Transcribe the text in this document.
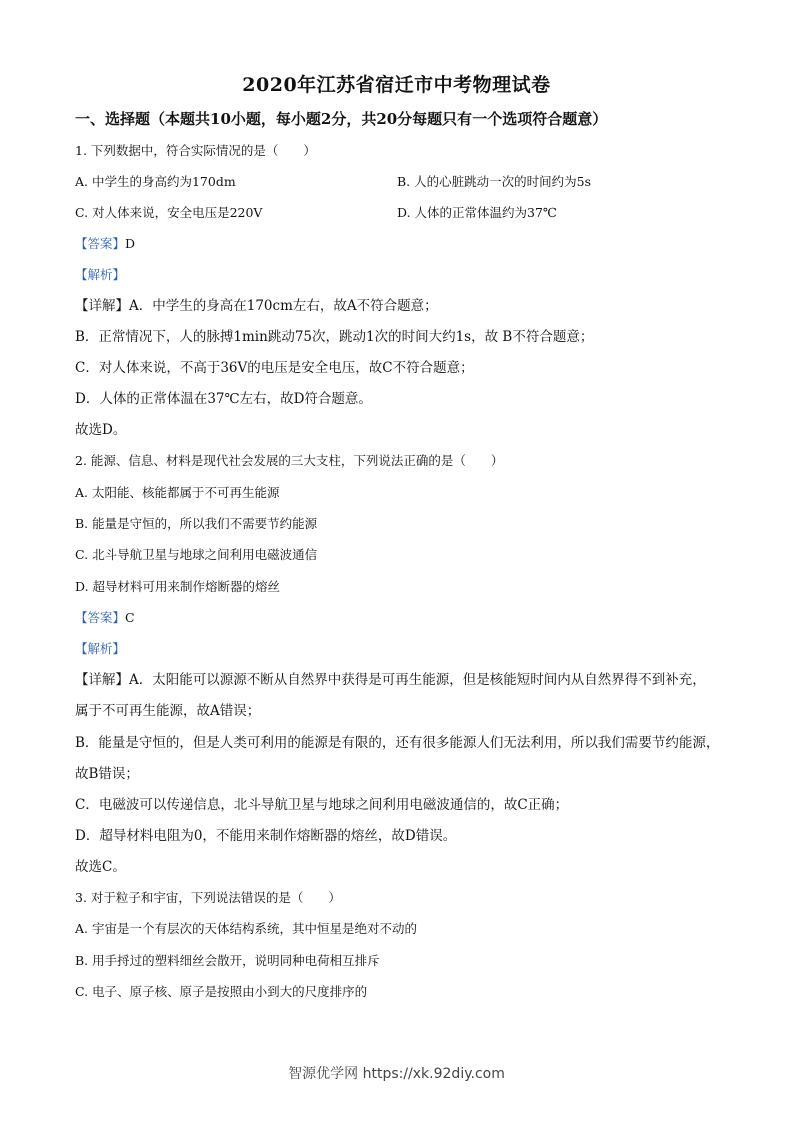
2020年江苏省宿迁市中考物理试卷
一、选择题（本题共10小题，每小题2分，共20分每题只有一个选项符合题意）
1. 下列数据中，符合实际情况的是（　　）
A. 中学生的身高约为170dm	B. 人的心脏跳动一次的时间约为5s
C. 对人体来说，安全电压是220V	D. 人体的正常体温约为37℃
【答案】D
【解析】
【详解】A．中学生的身高在170cm左右，故A不符合题意；
B．正常情况下，人的脉搏1min跳动75次，跳动1次的时间大约1s，故 B不符合题意；
C．对人体来说，不高于36V的电压是安全电压，故C不符合题意；
D．人体的正常体温在37℃左右，故D符合题意。
故选D。
2. 能源、信息、材料是现代社会发展的三大支柱，下列说法正确的是（　　）
A. 太阳能、核能都属于不可再生能源
B. 能量是守恒的，所以我们不需要节约能源
C. 北斗导航卫星与地球之间利用电磁波通信
D. 超导材料可用来制作熔断器的熔丝
【答案】C
【解析】
【详解】A．太阳能可以源源不断从自然界中获得是可再生能源，但是核能短时间内从自然界得不到补充，
属于不可再生能源，故A错误；
B．能量是守恒的，但是人类可利用的能源是有限的，还有很多能源人们无法利用，所以我们需要节约能源，
故B错误；
C．电磁波可以传递信息，北斗导航卫星与地球之间利用电磁波通信的，故C正确；
D．超导材料电阻为0，不能用来制作熔断器的熔丝，故D错误。
故选C。
3. 对于粒子和宇宙，下列说法错误的是（　　）
A. 宇宙是一个有层次的天体结构系统，其中恒星是绝对不动的
B. 用手捋过的塑料细丝会散开，说明同种电荷相互排斥
C. 电子、原子核、原子是按照由小到大的尺度排序的
智源优学网 https://xk.92diy.com
